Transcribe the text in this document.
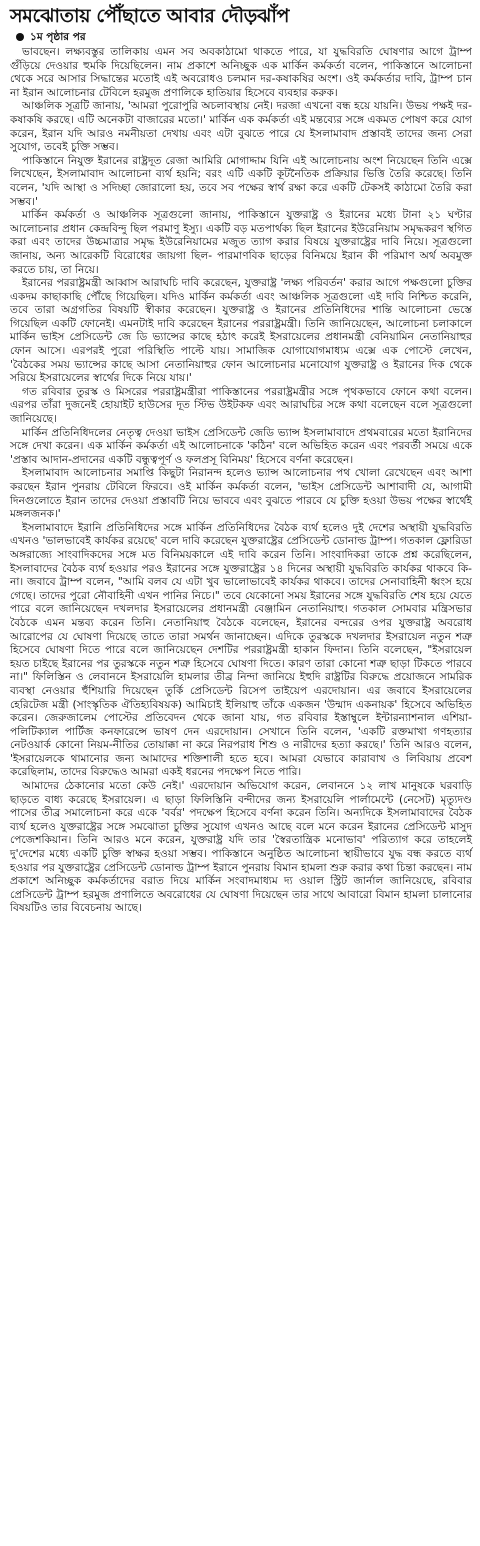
সমঝোতায় পৌঁছাতে আবার দৌড়ঝাঁপ
১ম পৃষ্ঠার পর

ভাবছেন। লক্ষ্যবস্তুর তালিকায় এমন সব অবকাঠামো থাকতে পারে, যা যুদ্ধবিরতি ঘোষণার আগে ট্রাম্প গুঁড়িয়ে দেওয়ার হুমকি দিয়েছিলেন। নাম প্রকাশে অনিচ্ছুক এক মার্কিন কর্মকর্তা বলেন, পাকিস্তানে আলোচনা থেকে সরে আসার সিদ্ধান্তের মতোই এই অবরোধও চলমান দর-কষাকষির অংশ। ওই কর্মকর্তার দাবি, ট্রাম্প চান না ইরান আলোচনার টেবিলে হরমুজ প্রণালিকে হাতিয়ার হিসেবে ব্যবহার করুক।

আঞ্চলিক সূত্রটি জানায়, 'আমরা পুরোপুরি অচলাবস্থায় নেই। দরজা এখনো বন্ধ হয়ে যায়নি। উভয় পক্ষই দর-কষাকষি করছে। এটি অনেকটা বাজারের মতো।' মার্কিন এক কর্মকর্তা এই মন্তব্যের সঙ্গে একমত পোষণ করে যোগ করেন, ইরান যদি আরও নমনীয়তা দেখায় এবং এটা বুঝতে পারে যে ইসলামাবাদ প্রস্তাবই তাদের জন্য সেরা সুযোগ, তবেই চুক্তি সম্ভব।

পাকিস্তানে নিযুক্ত ইরানের রাষ্ট্রদূত রেজা আমিরি মোগাদ্দাম যিনি এই আলোচনায় অংশ নিয়েছেন তিনি এক্সে লিখেছেন, ইসলামাবাদ আলোচনা ব্যর্থ হয়নি; বরং এটি একটি কূটনৈতিক প্রক্রিয়ার ভিত্তি তৈরি করেছে। তিনি বলেন, 'যদি আস্থা ও সদিচ্ছা জোরালো হয়, তবে সব পক্ষের স্বার্থ রক্ষা করে একটি টেকসই কাঠামো তৈরি করা সম্ভব।'

মার্কিন কর্মকর্তা ও আঞ্চলিক সূত্রগুলো জানায়, পাকিস্তানে যুক্তরাষ্ট্র ও ইরানের মধ্যে টানা ২১ ঘণ্টার আলোচনার প্রধান কেন্দ্রবিন্দু ছিল পরমাণু ইস্যু। একটি বড় মতপার্থক্য ছিল ইরানের ইউরেনিয়াম সমৃদ্ধকরণ স্থগিত করা এবং তাদের উচ্চমাত্রার সমৃদ্ধ ইউরেনিয়ামের মজুত ত্যাগ করার বিষয়ে যুক্তরাষ্ট্রের দাবি নিয়ে। সূত্রগুলো জানায়, অন্য আরেকটি বিরোধের জায়গা ছিল- পারমাণবিক ছাড়ের বিনিময়ে ইরান কী পরিমাণ অর্থ অবমুক্ত করতে চায়, তা নিয়ে।

ইরানের পররাষ্ট্রমন্ত্রী আব্বাস আরাঘচি দাবি করেছেন, যুক্তরাষ্ট্র 'লক্ষ্য পরিবর্তন' করার আগে পক্ষগুলো চুক্তির একদম কাছাকাছি পৌঁছে গিয়েছিল। যদিও মার্কিন কর্মকর্তা এবং আঞ্চলিক সূত্রগুলো এই দাবি নিশ্চিত করেনি, তবে তারা অগ্রগতির বিষয়টি স্বীকার করেছেন। যুক্তরাষ্ট্র ও ইরানের প্রতিনিধিদের শান্তি আলোচনা ভেস্তে গিয়েছিল একটি ফোনেই। এমনটাই দাবি করেছেন ইরানের পররাষ্ট্রমন্ত্রী। তিনি জানিয়েছেন, আলোচনা চলাকালে মার্কিন ভাইস প্রেসিডেন্ট জে ডি ভ্যান্সের কাছে হঠাৎ করেই ইসরায়েলের প্রধানমন্ত্রী বেনিয়ামিন নেতানিয়াহুর ফোন আসে। এরপরই পুরো পরিস্থিতি পাল্টে যায়। সামাজিক যোগাযোগমাধ্যম এক্সে এক পোস্টে লেখেন, 'বৈঠকের সময় ভ্যান্সের কাছে আসা নেতানিয়াহুর ফোন আলোচনার মনোযোগ যুক্তরাষ্ট্র ও ইরানের দিক থেকে সরিয়ে ইসরায়েলের স্বার্থের দিকে নিয়ে যায়।'

গত রবিবার তুরস্ক ও মিসরের পররাষ্ট্রমন্ত্রীরা পাকিস্তানের পররাষ্ট্রমন্ত্রীর সঙ্গে পৃথকভাবে ফোনে কথা বলেন। এরপর তাঁরা দুজনেই হোয়াইট হাউসের দূত স্টিভ উইটকফ এবং আরাঘচির সঙ্গে কথা বলেছেন বলে সূত্রগুলো জানিয়েছে।

মার্কিন প্রতিনিধিদলের নেতৃত্ব দেওয়া ভাইস প্রেসিডেন্ট জেডি ভ্যান্স ইসলামাবাদে প্রথমবারের মতো ইরানিদের সঙ্গে দেখা করেন। এক মার্কিন কর্মকর্তা এই আলোচনাকে 'কঠিন' বলে অভিহিত করেন এবং পরবর্তী সময়ে একে 'প্রস্তাব আদান-প্রদানের একটি বন্ধুত্বপূর্ণ ও ফলপ্রসূ বিনিময়' হিসেবে বর্ণনা করেছেন।

ইসলামাবাদ আলোচনার সমাপ্তি কিছুটা নিরানন্দ হলেও ভ্যান্স আলোচনার পথ খোলা রেখেছেন এবং আশা করছেন ইরান পুনরায় টেবিলে ফিরবে। ওই মার্কিন কর্মকর্তা বলেন, 'ভাইস প্রেসিডেন্ট আশাবাদী যে, আগামী দিনগুলোতে ইরান তাদের দেওয়া প্রস্তাবটি নিয়ে ভাববে এবং বুঝতে পারবে যে চুক্তি হওয়া উভয় পক্ষের স্বার্থেই মঙ্গলজনক।'

ইসলামাবাদে ইরানি প্রতিনিধিদের সঙ্গে মার্কিন প্রতিনিধিদের বৈঠক ব্যর্থ হলেও দুই দেশের অস্থায়ী যুদ্ধবিরতি এখনও 'ভালভাবেই কার্যকর রয়েছে' বলে দাবি করেছেন যুক্তরাষ্ট্রের প্রেসিডেন্ট ডোনাল্ড ট্রাম্প। গতকাল ফ্লোরিডা অঙ্গরাজ্যে সাংবাদিকদের সঙ্গে মত বিনিময়কালে এই দাবি করেন তিনি। সাংবাদিকরা তাকে প্রশ্ন করেছিলেন, ইসলাবাদের বৈঠক ব্যর্থ হওয়ার পরও ইরানের সঙ্গে যুক্তরাষ্ট্রের ১৪ দিনের অস্থায়ী যুদ্ধবিরতি কার্যকর থাকবে কি-না। জবাবে ট্রাম্প বলেন, "আমি বলব যে এটা খুব ভালোভাবেই কার্যকর থাকবে। তাদের সেনাবাহিনী ধ্বংস হয়ে গেছে। তাদের পুরো নৌবাহিনী এখন পানির নিচে।" তবে যেকোনো সময় ইরানের সঙ্গে যুদ্ধবিরতি শেষ হয়ে যেতে পারে বলে জানিয়েছেন দখলদার ইসরায়েলের প্রধানমন্ত্রী বেঞ্জামিন নেতানিয়াহু। গতকাল সোমবার মন্ত্রিসভার বৈঠকে এমন মন্তব্য করেন তিনি। নেতানিয়াহু বৈঠকে বলেছেন, ইরানের বন্দরের ওপর যুক্তরাষ্ট্র অবরোধ আরোপের যে ঘোষণা দিয়েছে তাতে তারা সমর্থন জানাচ্ছেন। এদিকে তুরস্ককে দখলদার ইসরায়েল নতুন শত্রু হিসেবে ঘোষণা দিতে পারে বলে জানিয়েছেন দেশটির পররাষ্ট্রমন্ত্রী হাকান ফিদান। তিনি বলেছেন, "ইসরায়েল হয়ত চাইছে ইরানের পর তুরস্ককে নতুন শত্রু হিসেবে ঘোষণা দিতে। কারণ তারা কোনো শত্রু ছাড়া টিকতে পারবে না।" ফিলিস্তিন ও লেবাননে ইসরায়েলি হামলার তীব্র নিন্দা জানিয়ে ইহুদি রাষ্ট্রটির বিরুদ্ধে প্রয়োজনে সামরিক ব্যবস্থা নেওয়ার হুঁশিয়ারি দিয়েছেন তুর্কি প্রেসিডেন্ট রিসেপ তাইয়েপ এরদোয়ান। এর জবাবে ইসরায়েলের হেরিটেজ মন্ত্রী (সাংস্কৃতিক ঐতিহ্যবিষয়ক) আমিচাই ইলিয়াহু তাঁকে একজন 'উন্মাদ একনায়ক' হিসেবে অভিহিত করেন। জেরুজালেম পোস্টের প্রতিবেদন থেকে জানা যায়, গত রবিবার ইস্তাম্বুলে ইন্টারন্যাশনাল এশিয়া-পলিটিক্যাল পার্টিজ কনফারেন্সে ভাষণ দেন এরদোয়ান। সেখানে তিনি বলেন, 'একটি রক্তমাখা গণহত্যার নেটওয়ার্ক কোনো নিয়ম-নীতির তোয়াক্কা না করে নিরপরাধ শিশু ও নারীদের হত্যা করছে।' তিনি আরও বলেন, 'ইসরায়েলকে থামানোর জন্য আমাদের শক্তিশালী হতে হবে। আমরা যেভাবে কারাবাখ ও লিবিয়ায় প্রবেশ করেছিলাম, তাদের বিরুদ্ধেও আমরা একই ধরনের পদক্ষেপ নিতে পারি।

আমাদের ঠেকানোর মতো কেউ নেই।' এরদোয়ান অভিযোগ করেন, লেবাননে ১২ লাখ মানুষকে ঘরবাড়ি ছাড়তে বাধ্য করেছে ইসরায়েল। এ ছাড়া ফিলিস্তিনি বন্দীদের জন্য ইসরায়েলি পার্লামেন্টে (নেসেট) মৃত্যুদণ্ড পাসের তীব্র সমালোচনা করে একে 'বর্বর' পদক্ষেপ হিসেবে বর্ণনা করেন তিনি। অন্যদিকে ইসলামাবাদের বৈঠক ব্যর্থ হলেও যুক্তরাষ্ট্রের সঙ্গে সমঝোতা চুক্তির সুযোগ এখনও আছে বলে মনে করেন ইরানের প্রেসিডেন্ট মাসুদ পেজেশকিয়ান। তিনি আরও মনে করেন, যুক্তরাষ্ট্র যদি তার 'স্বৈরতান্ত্রিক মনোভাব' পরিত্যাগ করে তাহলেই দু'দেশের মধ্যে একটি চুক্তি স্বাক্ষর হওয়া সম্ভব। পাকিস্তানে অনুষ্ঠিত আলোচনা স্থায়ীভাবে যুদ্ধ বন্ধ করতে ব্যর্থ হওয়ার পর যুক্তরাষ্ট্রের প্রেসিডেন্ট ডোনাল্ড ট্রাম্প ইরানে পুনরায় বিমান হামলা শুরু করার কথা চিন্তা করছেন। নাম প্রকাশে অনিচ্ছুক কর্মকর্তাদের বরাত দিয়ে মার্কিন সংবাদমাধ্যম দ্য ওয়াল স্ট্রিট জার্নাল জানিয়েছে, রবিবার প্রেসিডেন্ট ট্রাম্প হরমুজ প্রণালিতে অবরোধের যে ঘোষণা দিয়েছেন তার সাথে আবারো বিমান হামলা চালানোর বিষয়টিও তার বিবেচনায় আছে।
